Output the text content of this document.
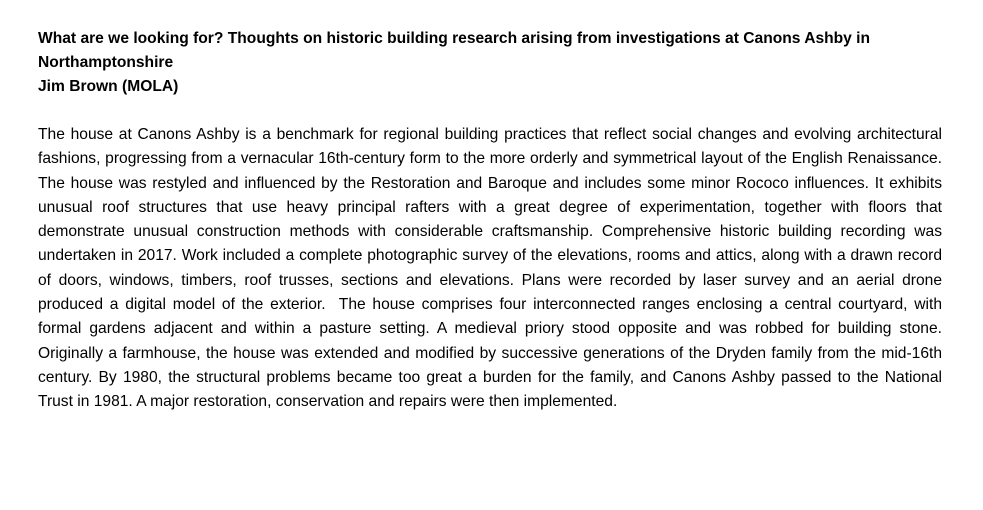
What are we looking for? Thoughts on historic building research arising from investigations at Canons Ashby in Northamptonshire

Jim Brown (MOLA)

The house at Canons Ashby is a benchmark for regional building practices that reflect social changes and evolving architectural fashions, progressing from a vernacular 16th-century form to the more orderly and symmetrical layout of the English Renaissance. The house was restyled and influenced by the Restoration and Baroque and includes some minor Rococo influences. It exhibits unusual roof structures that use heavy principal rafters with a great degree of experimentation, together with floors that demonstrate unusual construction methods with considerable craftsmanship. Comprehensive historic building recording was undertaken in 2017. Work included a complete photographic survey of the elevations, rooms and attics, along with a drawn record of doors, windows, timbers, roof trusses, sections and elevations. Plans were recorded by laser survey and an aerial drone produced a digital model of the exterior.  The house comprises four interconnected ranges enclosing a central courtyard, with formal gardens adjacent and within a pasture setting. A medieval priory stood opposite and was robbed for building stone. Originally a farmhouse, the house was extended and modified by successive generations of the Dryden family from the mid-16th century. By 1980, the structural problems became too great a burden for the family, and Canons Ashby passed to the National Trust in 1981. A major restoration, conservation and repairs were then implemented.
